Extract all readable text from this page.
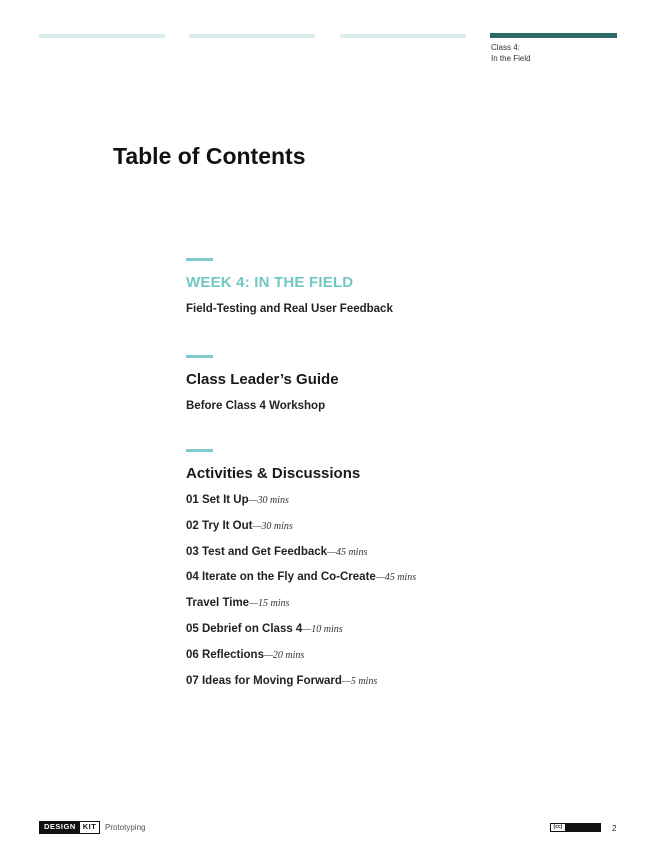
Class 4:
In the Field
Table of Contents
WEEK 4: IN THE FIELD
Field-Testing and Real User Feedback
Class Leader’s Guide
Before Class 4 Workshop
Activities & Discussions
01 Set It Up—30 mins
02 Try It Out—30 mins
03 Test and Get Feedback—45 mins
04 Iterate on the Fly and Co-Create—45 mins
Travel Time—15 mins
05 Debrief on Class 4—10 mins
06 Reflections—20 mins
07 Ideas for Moving Forward—5 mins
DESIGN KIT	Prototyping	(cc)	2
